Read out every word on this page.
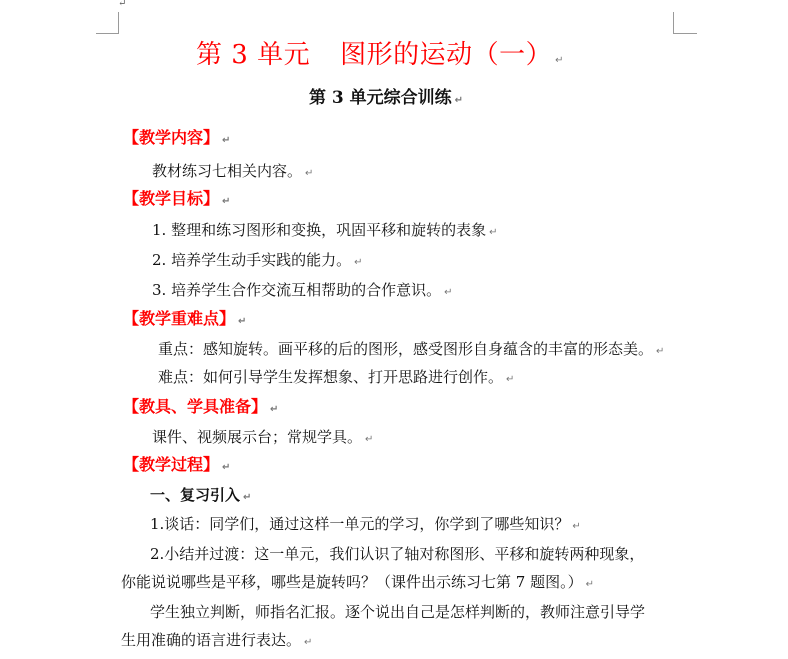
↵
第 3 单元 图形的运动（一） ↵
第 3 单元综合训练 ↵
【教学内容】 ↵
教材练习七相关内容。 ↵
【教学目标】 ↵
1. 整理和练习图形和变换，巩固平移和旋转的表象 ↵
2. 培养学生动手实践的能力。 ↵
3. 培养学生合作交流互相帮助的合作意识。 ↵
【教学重难点】 ↵
重点：感知旋转。画平移的后的图形，感受图形自身蕴含的丰富的形态美。 ↵
难点：如何引导学生发挥想象、打开思路进行创作。 ↵
【教具、学具准备】 ↵
课件、视频展示台；常规学具。 ↵
【教学过程】 ↵
一、复习引入 ↵
1.谈话：同学们，通过这样一单元的学习，你学到了哪些知识？ ↵
2.小结并过渡：这一单元，我们认识了轴对称图形、平移和旋转两种现象，
你能说说哪些是平移，哪些是旋转吗？（课件出示练习七第 7 题图。） ↵
学生独立判断，师指名汇报。逐个说出自己是怎样判断的，教师注意引导学
生用准确的语言进行表达。 ↵
